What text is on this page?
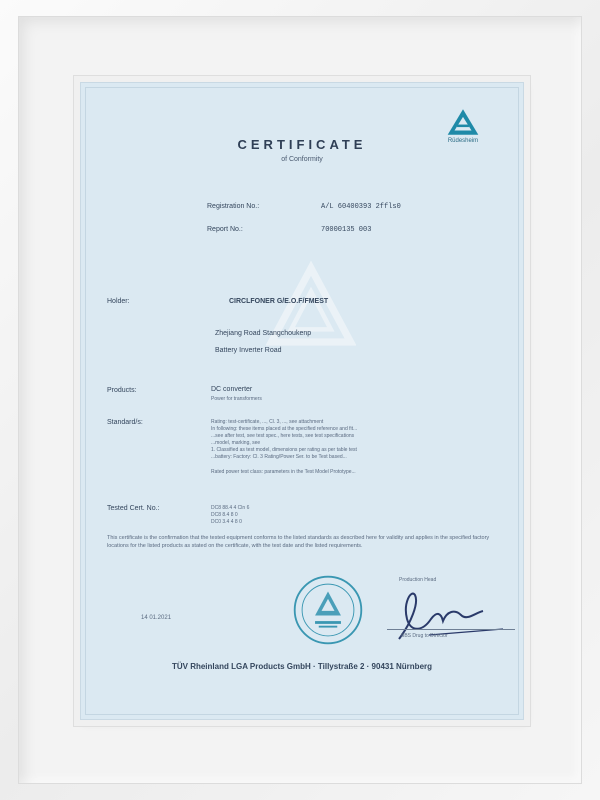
Rüdesheim
CERTIFICATE
of Conformity
Registration No.:	A/L 60400393 2ffls0
Report No.:	70000135 003
Holder:	CIRCLFONER G/E.O.F/FMEST
Zhejiang Road Stangchoukenp
Battery Inverter Road
Products:	DC converter
Power for transformers
Standard/s:	Rating: test-certificate, ..., Cl. 3, ..., see attachment
In following: these items placed at the specified reference and fit...
...see after test, see test spec., here tests, see test specifications
...model, marking, see
1. Classified as test model, dimensions per rating as per table test
...battery: Factory: Cl. 3 Rating/Power Ser. to be Test based...
Rated power test class: parameters in the Test Model Prototype...
Tested Cert. No.:	DC8 88.4 4 Cln 6
DC8 8.4 8 0
DC0 3.4 4 8 0
This certificate is the confirmation that the tested equipment conforms to the listed standards as described here for validity and applies in the specified factory locations for the listed products as stated on the certificate, with the test date and the listed requirements.
14 01.2021
Production Head
BBS Drug to Director
TÜV Rheinland LGA Products GmbH · Tillystraße 2 · 90431 Nürnberg
